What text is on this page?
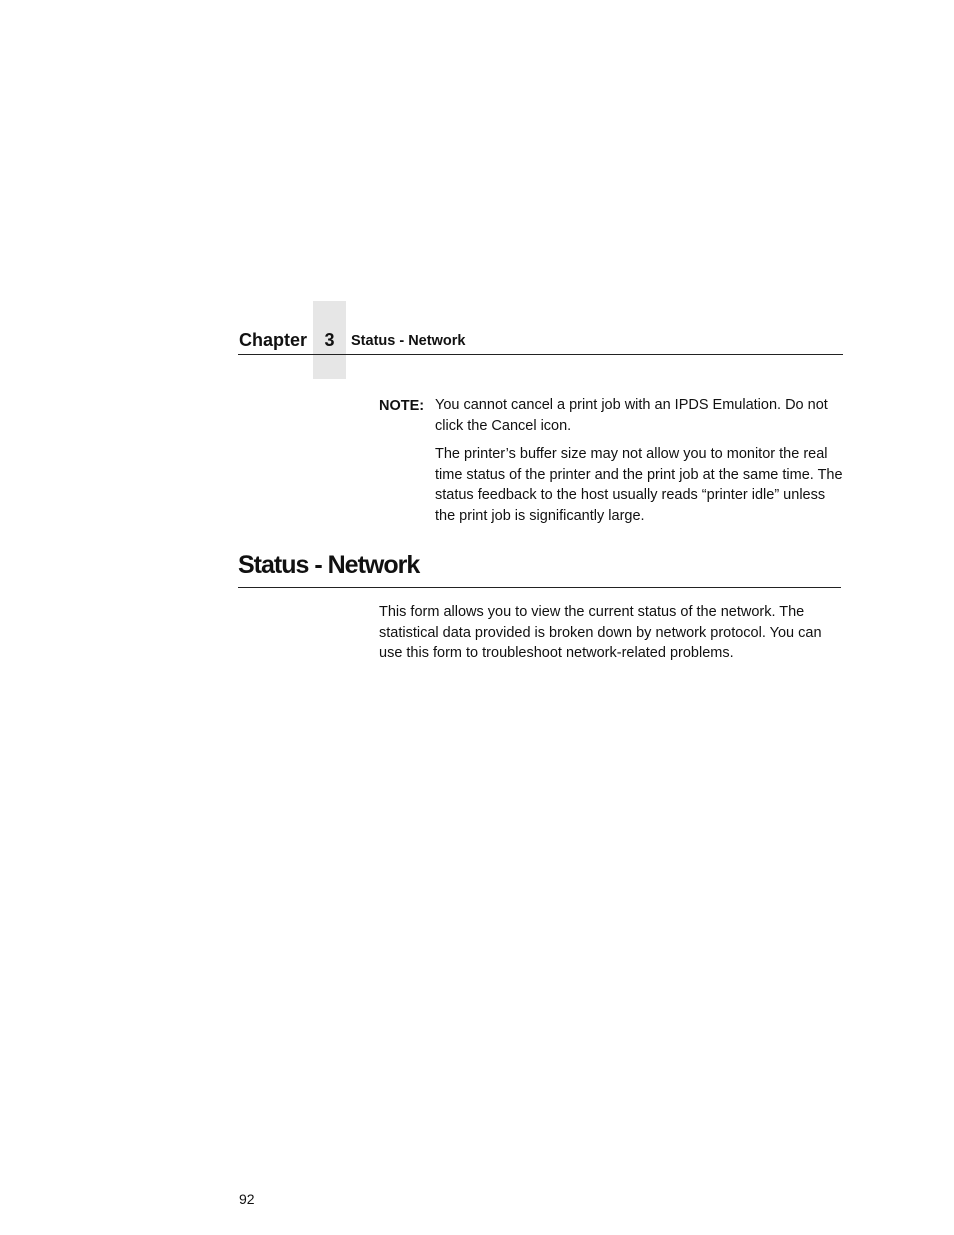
Chapter 3	Status - Network
NOTE: You cannot cancel a print job with an IPDS Emulation. Do not click the Cancel icon.

The printer’s buffer size may not allow you to monitor the real time status of the printer and the print job at the same time. The status feedback to the host usually reads “printer idle” unless the print job is significantly large.

Status - Network

This form allows you to view the current status of the network. The statistical data provided is broken down by network protocol. You can use this form to troubleshoot network-related problems.

92
